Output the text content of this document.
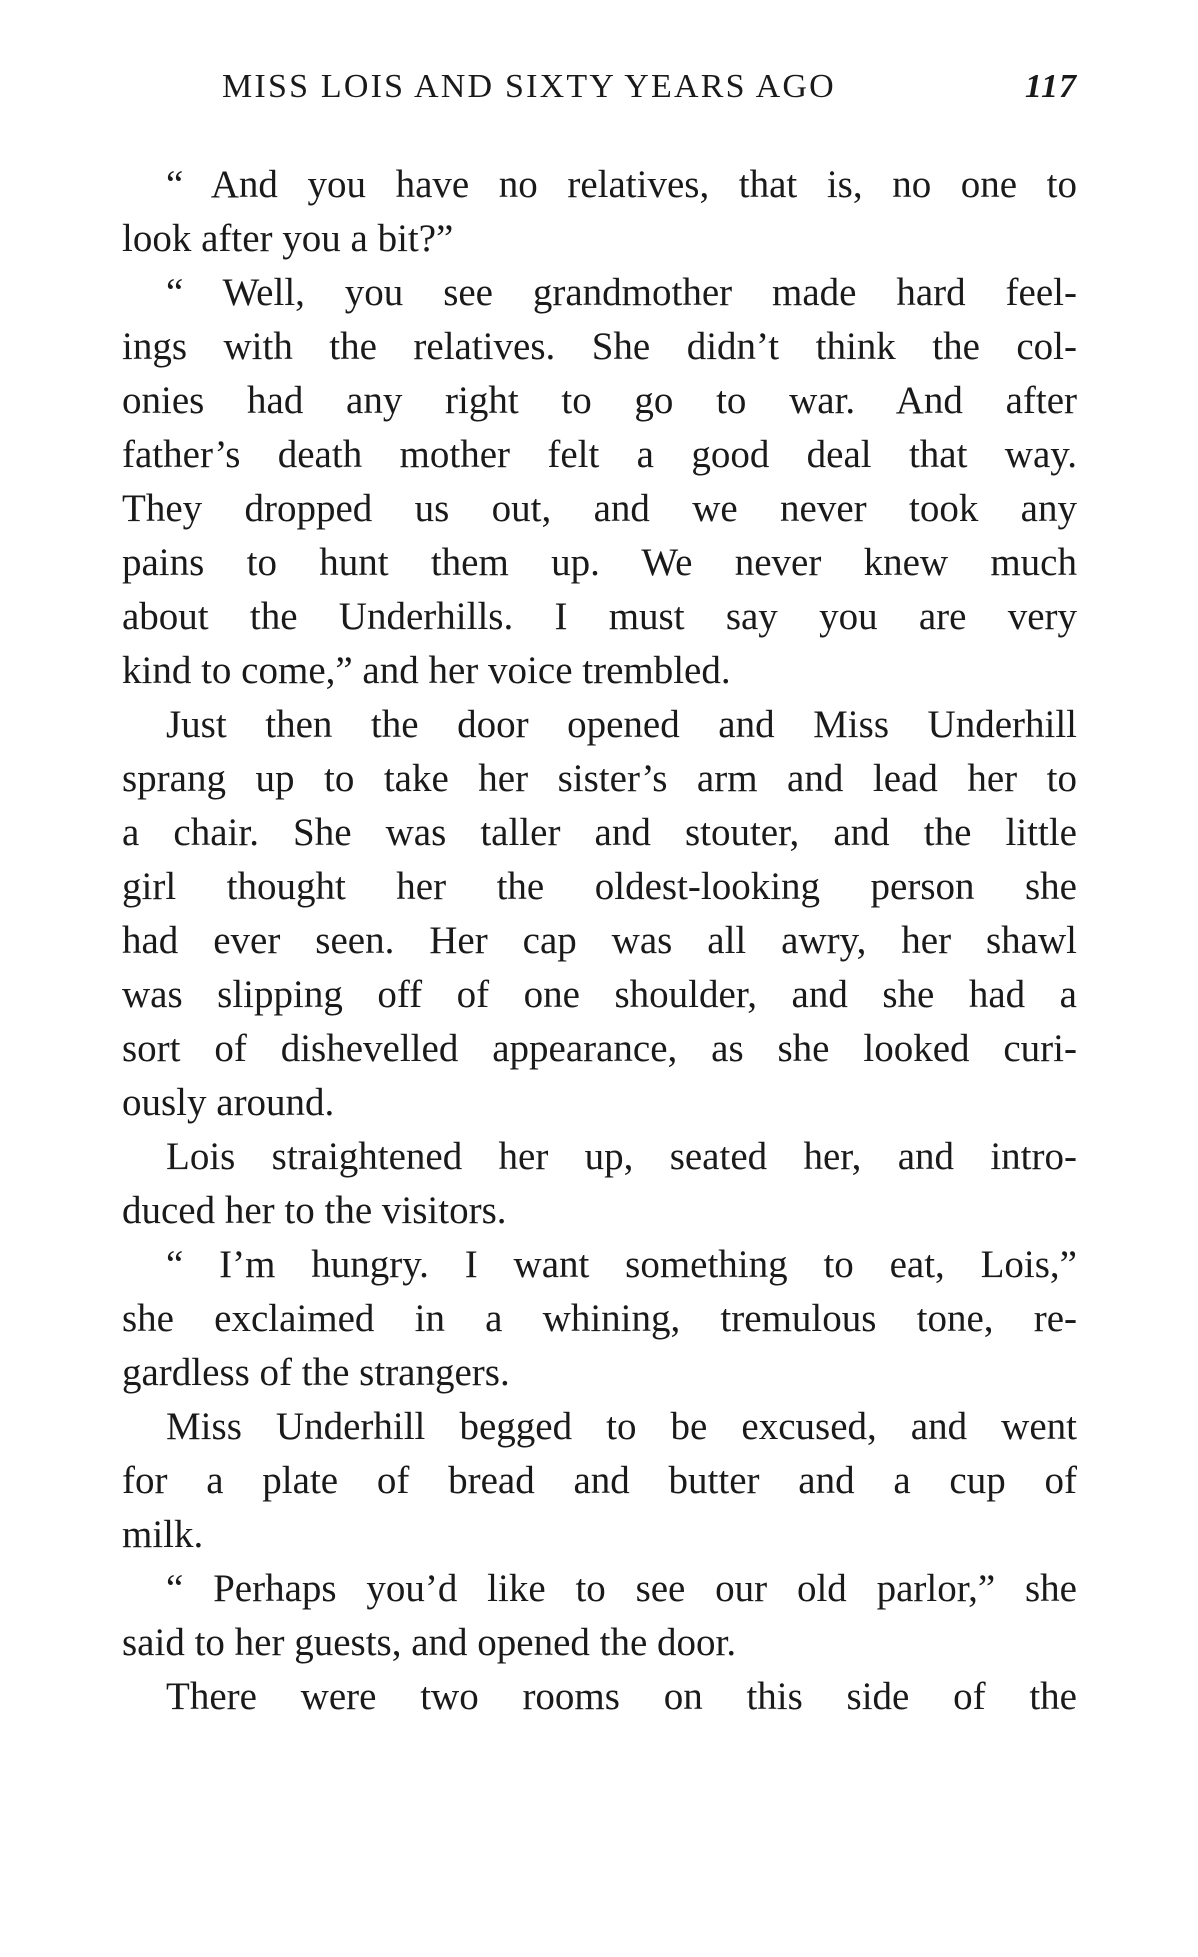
MISS LOIS AND SIXTY YEARS AGO	117
“ And you have no relatives, that is, no one to
look after you a bit?”
“ Well, you see grandmother made hard feel-
ings with the relatives. She didn’t think the col-
onies had any right to go to war. And after
father’s death mother felt a good deal that way.
They dropped us out, and we never took any
pains to hunt them up. We never knew much
about the Underhills. I must say you are very
kind to come,” and her voice trembled.
Just then the door opened and Miss Underhill
sprang up to take her sister’s arm and lead her to
a chair. She was taller and stouter, and the little
girl thought her the oldest-looking person she
had ever seen. Her cap was all awry, her shawl
was slipping off of one shoulder, and she had a
sort of dishevelled appearance, as she looked curi-
ously around.
Lois straightened her up, seated her, and intro-
duced her to the visitors.
“ I’m hungry. I want something to eat, Lois,”
she exclaimed in a whining, tremulous tone, re-
gardless of the strangers.
Miss Underhill begged to be excused, and went
for a plate of bread and butter and a cup of
milk.
“ Perhaps you’d like to see our old parlor,” she
said to her guests, and opened the door.
There were two rooms on this side of the
